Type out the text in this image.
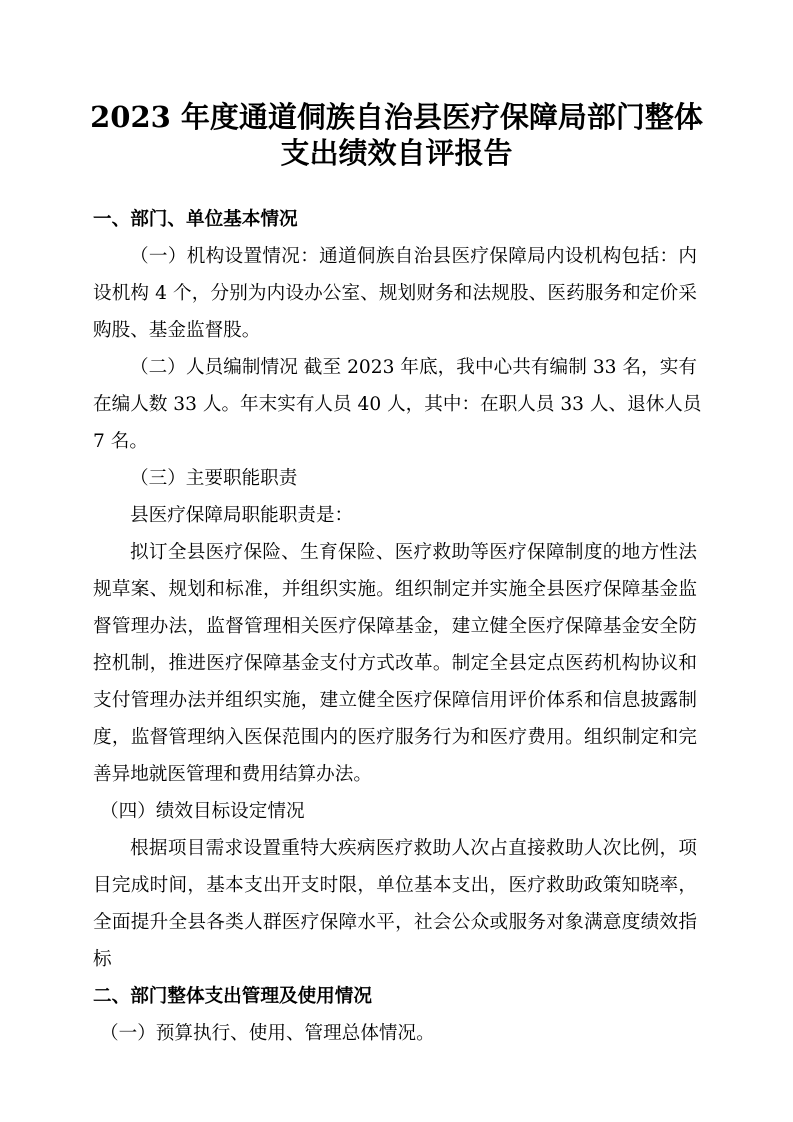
2023 年度通道侗族自治县医疗保障局部门整体
支出绩效自评报告
一、部门、单位基本情况
（一）机构设置情况：通道侗族自治县医疗保障局内设机构包括：内
设机构 4 个，分别为内设办公室、规划财务和法规股、医药服务和定价采
购股、基金监督股。
（二）人员编制情况 截至 2023 年底，我中心共有编制 33 名，实有
在编人数 33 人。年末实有人员 40 人，其中：在职人员 33 人、退休人员
7 名。
（三）主要职能职责
县医疗保障局职能职责是：
拟订全县医疗保险、生育保险、医疗救助等医疗保障制度的地方性法
规草案、规划和标准，并组织实施。组织制定并实施全县医疗保障基金监
督管理办法，监督管理相关医疗保障基金，建立健全医疗保障基金安全防
控机制，推进医疗保障基金支付方式改革。制定全县定点医药机构协议和
支付管理办法并组织实施，建立健全医疗保障信用评价体系和信息披露制
度，监督管理纳入医保范围内的医疗服务行为和医疗费用。组织制定和完
善异地就医管理和费用结算办法。
（四）绩效目标设定情况
根据项目需求设置重特大疾病医疗救助人次占直接救助人次比例，项
目完成时间，基本支出开支时限，单位基本支出，医疗救助政策知晓率，
全面提升全县各类人群医疗保障水平，社会公众或服务对象满意度绩效指
标
二、部门整体支出管理及使用情况
（一）预算执行、使用、管理总体情况。
